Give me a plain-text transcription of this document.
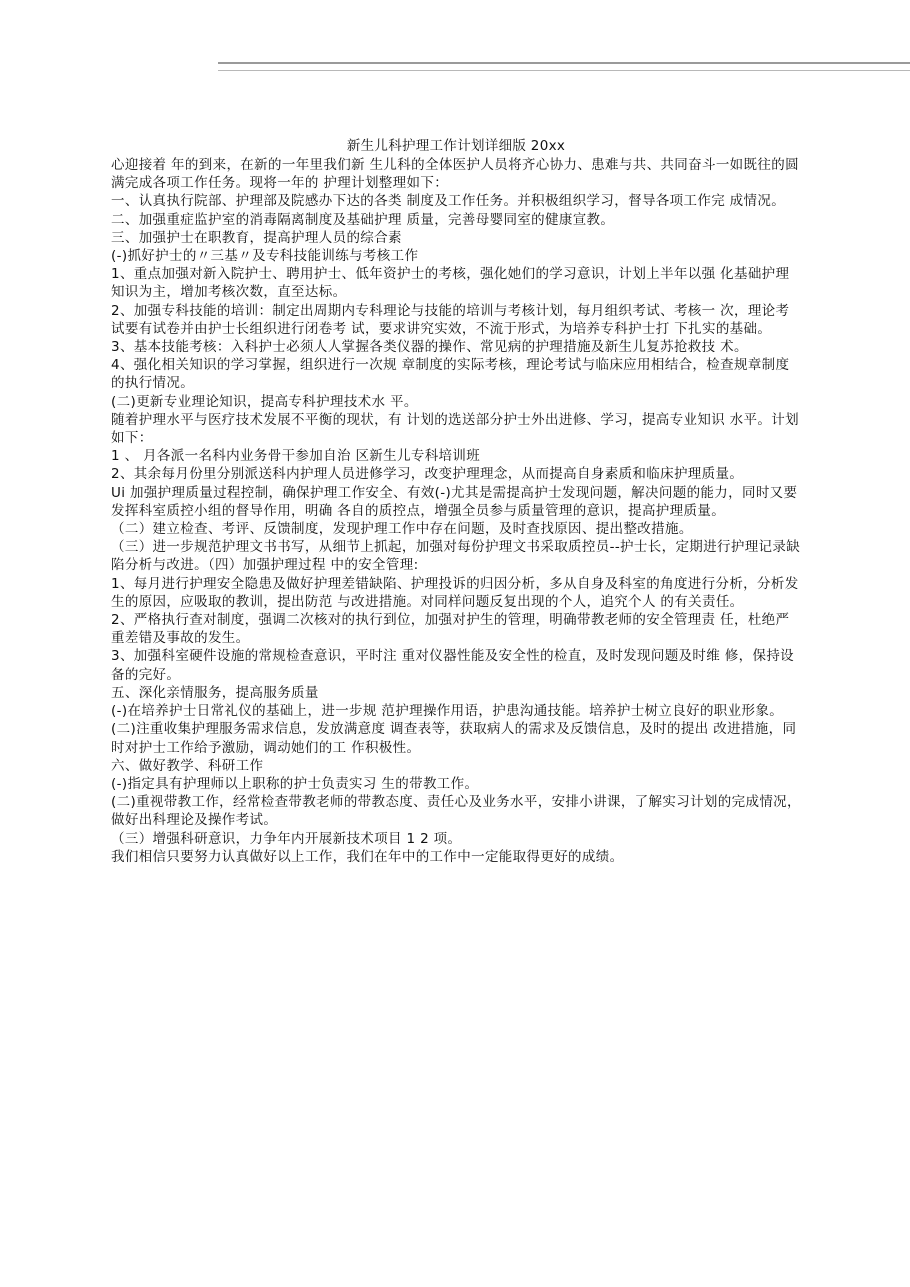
新生儿科护理工作计划详细版 20xx

心迎接着 年的到来，在新的一年里我们新 生儿科的全体医护人员将齐心协力、患难与共、共同奋斗一如既往的圆满完成各项工作任务。现将一年的 护理计划整理如下：

一、认真执行院部、护理部及院感办下达的各类 制度及工作任务。并积极组织学习，督导各项工作完 成情况。

二、加强重症监护室的消毒隔离制度及基础护理 质量，完善母婴同室的健康宣教。

三、加强护士在职教育，提高护理人员的综合素

(-)抓好护士的〃三基〃及专科技能训练与考核工作

1、重点加强对新入院护士、聘用护士、低年资护士的考核，强化她们的学习意识，计划上半年以强 化基础护理知识为主，增加考核次数，直至达标。

2、加强专科技能的培训：制定出周期内专科理论与技能的培训与考核计划，每月组织考试、考核一 次，理论考试要有试卷并由护士长组织进行闭卷考 试，要求讲究实效，不流于形式，为培养专科护士打 下扎实的基础。

3、基本技能考核：入科护士必须人人掌握各类仪器的操作、常见病的护理措施及新生儿复苏抢救技 术。

4、强化相关知识的学习掌握，组织进行一次规 章制度的实际考核，理论考试与临床应用相结合，检查规章制度的执行情况。

(二)更新专业理论知识，提高专科护理技术水 平。

随着护理水平与医疗技术发展不平衡的现状，有 计划的选送部分护士外出进修、学习，提高专业知识 水平。计划如下：

1 、 月各派一名科内业务骨干参加自治 区新生儿专科培训班

2、其余每月份里分别派送科内护理人员进修学习，改变护理理念，从而提高自身素质和临床护理质量。

Ui 加强护理质量过程控制，确保护理工作安全、有效(-)尤其是需提高护士发现问题，解决问题的能力，同时又要发挥科室质控小组的督导作用，明确 各自的质控点，增强全员参与质量管理的意识，提高护理质量。

（二）建立检查、考评、反馈制度，发现护理工作中存在问题，及时查找原因、提出整改措施。

（三）进一步规范护理文书书写，从细节上抓起，加强对每份护理文书采取质控员--护士长，定期进行护理记录缺陷分析与改进。（四）加强护理过程 中的安全管理:

1、每月进行护理安全隐患及做好护理差错缺陷、护理投诉的归因分析，多从自身及科室的角度进行分析，分析发生的原因，应吸取的教训，提出防范 与改进措施。对同样问题反复出现的个人，追究个人 的有关责任。

2、严格执行查对制度，强调二次核对的执行到位，加强对护生的管理，明确带教老师的安全管理责 任，杜绝严重差错及事故的发生。

3、加强科室硬件设施的常规检查意识，平时注 重对仪器性能及安全性的检直，及时发现问题及时维 修，保持设备的完好。

五、深化亲情服务，提高服务质量

(-)在培养护士日常礼仪的基础上，进一步规 范护理操作用语，护患沟通技能。培养护士树立良好的职业形象。

(二)注重收集护理服务需求信息，发放满意度 调查表等，获取病人的需求及反馈信息，及时的提出 改进措施，同时对护士工作给予激励，调动她们的工 作积极性。

六、做好教学、科研工作

(-)指定具有护理师以上职称的护士负责实习 生的带教工作。

(二)重视带教工作，经常检查带教老师的带教态度、责任心及业务水平，安排小讲课，了解实习计划的完成情况，做好出科理论及操作考试。

（三）增强科研意识，力争年内开展新技术项目 1 2 项。

我们相信只要努力认真做好以上工作，我们在年中的工作中一定能取得更好的成绩。
